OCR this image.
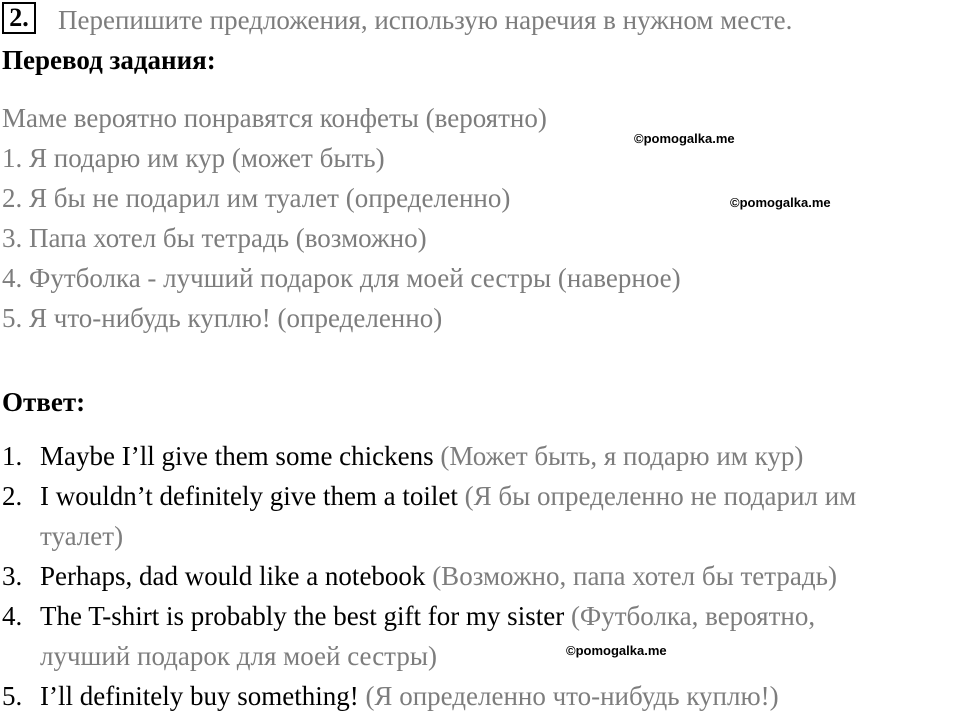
2. Перепишите предложения, использую наречия в нужном месте.
Перевод задания:
Маме вероятно понравятся конфеты (вероятно)
©pomogalka.me
1. Я подарю им кур (может быть)
2. Я бы не подарил им туалет (определенно)	©pomogalka.me
3. Папа хотел бы тетрадь (возможно)
4. Футболка - лучший подарок для моей сестры (наверное)
5. Я что-нибудь куплю! (определенно)
Ответ:
1. Maybe I’ll give them some chickens (Может быть, я подарю им кур)
2. I wouldn’t definitely give them a toilet (Я бы определенно не подарил им
туалет)
3. Perhaps, dad would like a notebook (Возможно, папа хотел бы тетрадь)
4. The T-shirt is probably the best gift for my sister (Футболка, вероятно,
лучший подарок для моей сестры)	©pomogalka.me
5. I’ll definitely buy something! (Я определенно что-нибудь куплю!)
